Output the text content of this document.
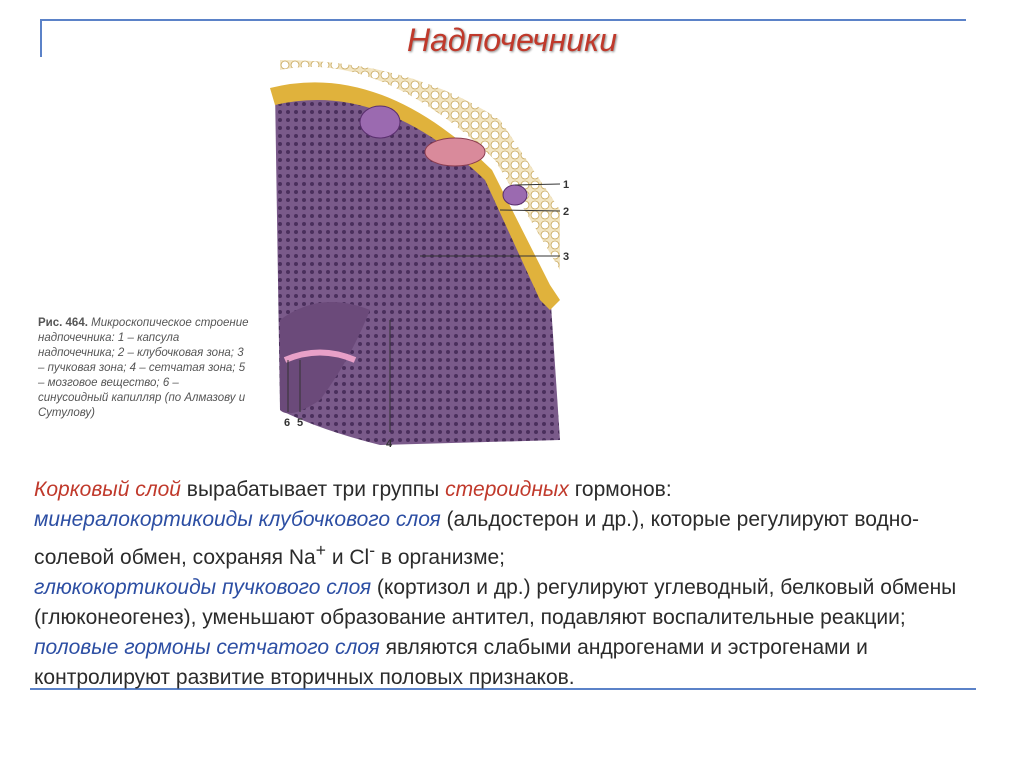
Надпочечники
1
2
3
4
5
6
Рис. 464. Микроскопическое строение надпочечника: 1 – капсула надпочечника; 2 – клубочковая зона; 3 – пучковая зона; 4 – сетчатая зона; 5 – мозговое вещество; 6 – синусоидный капилляр (по Алмазову и Сутулову)
Корковый слой вырабатывает три группы стероидных гормонов:
минералокортикоиды клубочкового слоя (альдостерон и др.), которые регулируют водно-солевой обмен, сохраняя Na+ и Cl- в организме;
глюкокортикоиды пучкового слоя (кортизол и др.) регулируют углеводный, белковый обмены (глюконеогенез), уменьшают образование антител, подавляют воспалительные реакции;
половые гормоны сетчатого слоя являются слабыми андрогенами и эстрогенами и контролируют развитие вторичных половых признаков.
